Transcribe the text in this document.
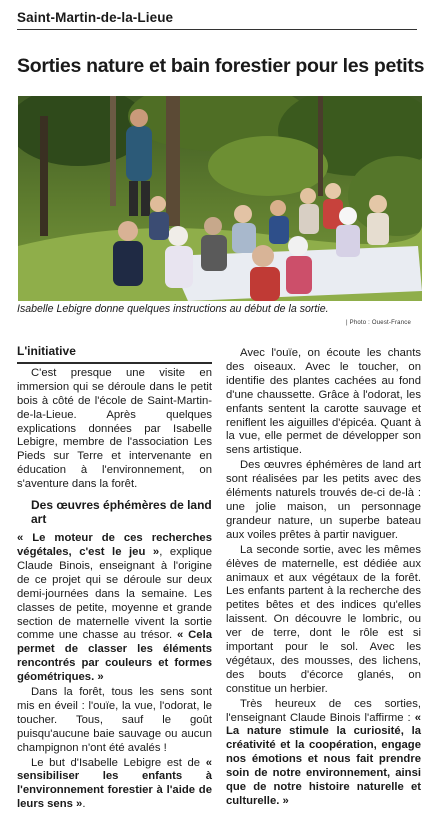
Saint-Martin-de-la-Lieue
Sorties nature et bain forestier pour les petits
Isabelle Lebigre donne quelques instructions au début de la sortie.
| Photo : Ouest-France
L'initiative

C'est presque une visite en immersion qui se déroule dans le petit bois à côté de l'école de Saint-Martin-de-la-Lieue. Après quelques explications données par Isabelle Lebigre, membre de l'association Les Pieds sur Terre et intervenante en éducation à l'environnement, on s'aventure dans la forêt.

Des œuvres éphémères de land art

« Le moteur de ces recherches végétales, c'est le jeu », explique Claude Binois, enseignant à l'origine de ce projet qui se déroule sur deux demi-journées dans la semaine. Les classes de petite, moyenne et grande section de maternelle vivent la sortie comme une chasse au trésor. « Cela permet de classer les éléments rencontrés par couleurs et formes géométriques. »

Dans la forêt, tous les sens sont mis en éveil : l'ouïe, la vue, l'odorat, le toucher. Tous, sauf le goût puisqu'aucune baie sauvage ou aucun champignon n'ont été avalés !

Le but d'Isabelle Lebigre est de « sensibiliser les enfants à l'environnement forestier à l'aide de leurs sens ».

Avec l'ouïe, on écoute les chants des oiseaux. Avec le toucher, on identifie des plantes cachées au fond d'une chaussette. Grâce à l'odorat, les enfants sentent la carotte sauvage et reniflent les aiguilles d'épicéa. Quant à la vue, elle permet de développer son sens artistique.

Des œuvres éphémères de land art sont réalisées par les petits avec des éléments naturels trouvés de-ci de-là : une jolie maison, un personnage grandeur nature, un superbe bateau aux voiles prêtes à partir naviguer.

La seconde sortie, avec les mêmes élèves de maternelle, est dédiée aux animaux et aux végétaux de la forêt. Les enfants partent à la recherche des petites bêtes et des indices qu'elles laissent. On découvre le lombric, ou ver de terre, dont le rôle est si important pour le sol. Avec les végétaux, des mousses, des lichens, des bouts d'écorce glanés, on constitue un herbier.

Très heureux de ces sorties, l'enseignant Claude Binois l'affirme : « La nature stimule la curiosité, la créativité et la coopération, engage nos émotions et nous fait prendre soin de notre environnement, ainsi que de notre histoire naturelle et culturelle. »
